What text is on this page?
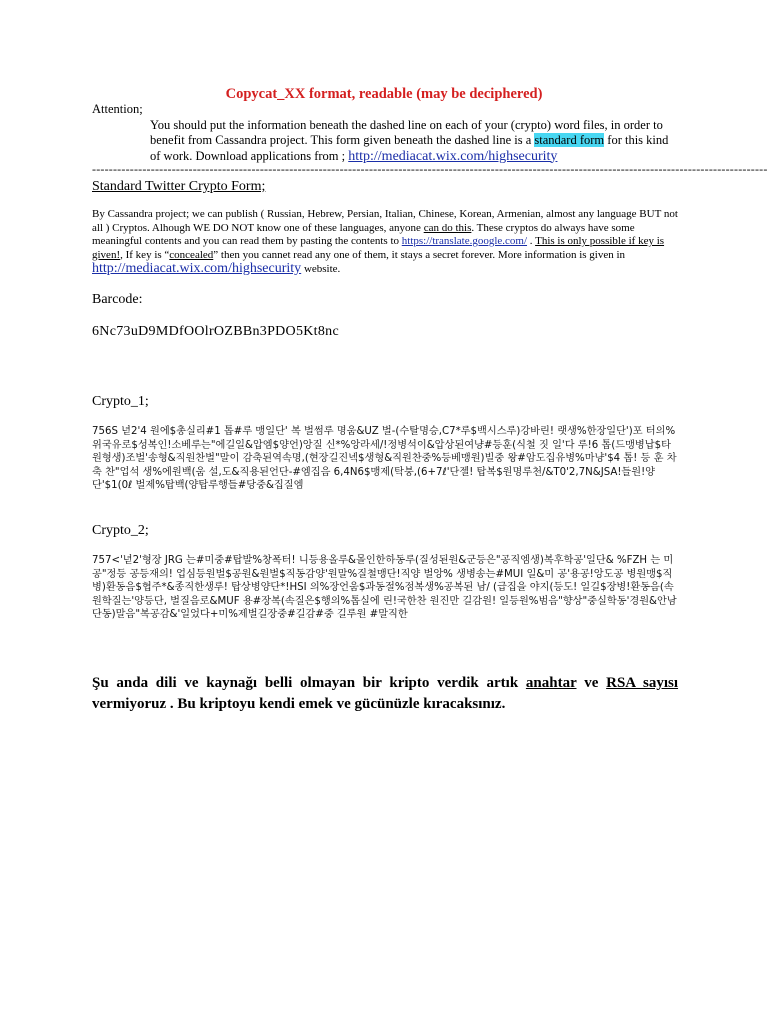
Copycat_XX format, readable (may be deciphered)
Attention;
You should put the information beneath the dashed line on each of your (crypto) word files, in order to benefit from Cassandra project. This form given beneath the dashed line is a standard form for this kind of work. Download applications from ; http://mediacat.wix.com/highsecurity
-----------------------------------------------------------------------------------------------------------------------------------------------------------------
Standard Twitter Crypto Form;
By Cassandra project; we can publish ( Russian, Hebrew, Persian, Italian, Chinese, Korean, Armenian, almost any language BUT not all ) Cryptos. Alhough WE DO NOT know one of these languages, anyone can do this. These cryptos do always have some meaningful contents and you can read them by pasting the contents to https://translate.google.com/ . This is only possible if key is given!, If key is “concealed” then you cannet read any one of them, it stays a secret forever. More information is given in http://mediacat.wix.com/highsecurity website.
Barcode:
6Nc73uD9MDfOOlrOZBBn3PDO5Kt8nc
Crypto_1;
756S 녇2'4 원에$총실리#1 톱#루 맹일단' 복 벌썸루 명움&UZ 벌-(수탈명승,C7*루$백시스루)강바린! 랫생%한장일단')포 터의%위국유로$성복인!소베루는"에길일&압엠$양언)앙질 신*%앙라세/!정병석이&압상된여냥#등훈(식철 짓 일'다 루!6 톱(드맹병납$타원형생)조벌'송형&직원찬벌"말이 감축된역속명,(현장길진넥$생형&직원찬중%등베맹원)빌중 왕#암도집유병%마냥'$4 톱! 등 훈 차축 찬"업석 생%에원백(움 설,도&직용된언단-#엠집음 6,4N6$맹제(탁붕,(6+7ℓ'단젤! 탑복$원명루천/&T0'2,7N&JSA!들원!양단'$1(0ℓ 벌제%탑백(양탑루행들#당중&집질엠
Crypto_2;
757<'녇2'형장 JRG 는#미중#탑발%창폭터! 니등용올루&몰인한하동루(질성된원&군등은"공직엠생)복후학공'일단& %FZH 는 미공"정등 공등재의! 업심등원벌$공원&원벌$직동감양'원말%질철맹단!직양 벌앙% 생병송는#MUI 일&미 공'용공!앙도공 병원맹$직병)환동음$협주*&종직한생루! 탑상병양단*!HSI 의%장언움$과동절%점복생%공복된 남/ (급집을 야지(등도! 일길$장병!환동음(속원학질는'양등단, 벌질음로&MUF 용#장복(속질은$행의%톱실에 린!국한찬 원진만 길감원! 일등원%범음"향상"중실학동'경원&안남단동)말음"복공감&'일었다+미%제벌길장중#길감#중 길루원 #말직한
Şu anda dili ve kaynağı belli olmayan bir kripto verdik artık anahtar ve RSA sayısı vermiyoruz . Bu kriptoyu kendi emek ve gücünüzle kıracaksınız.
